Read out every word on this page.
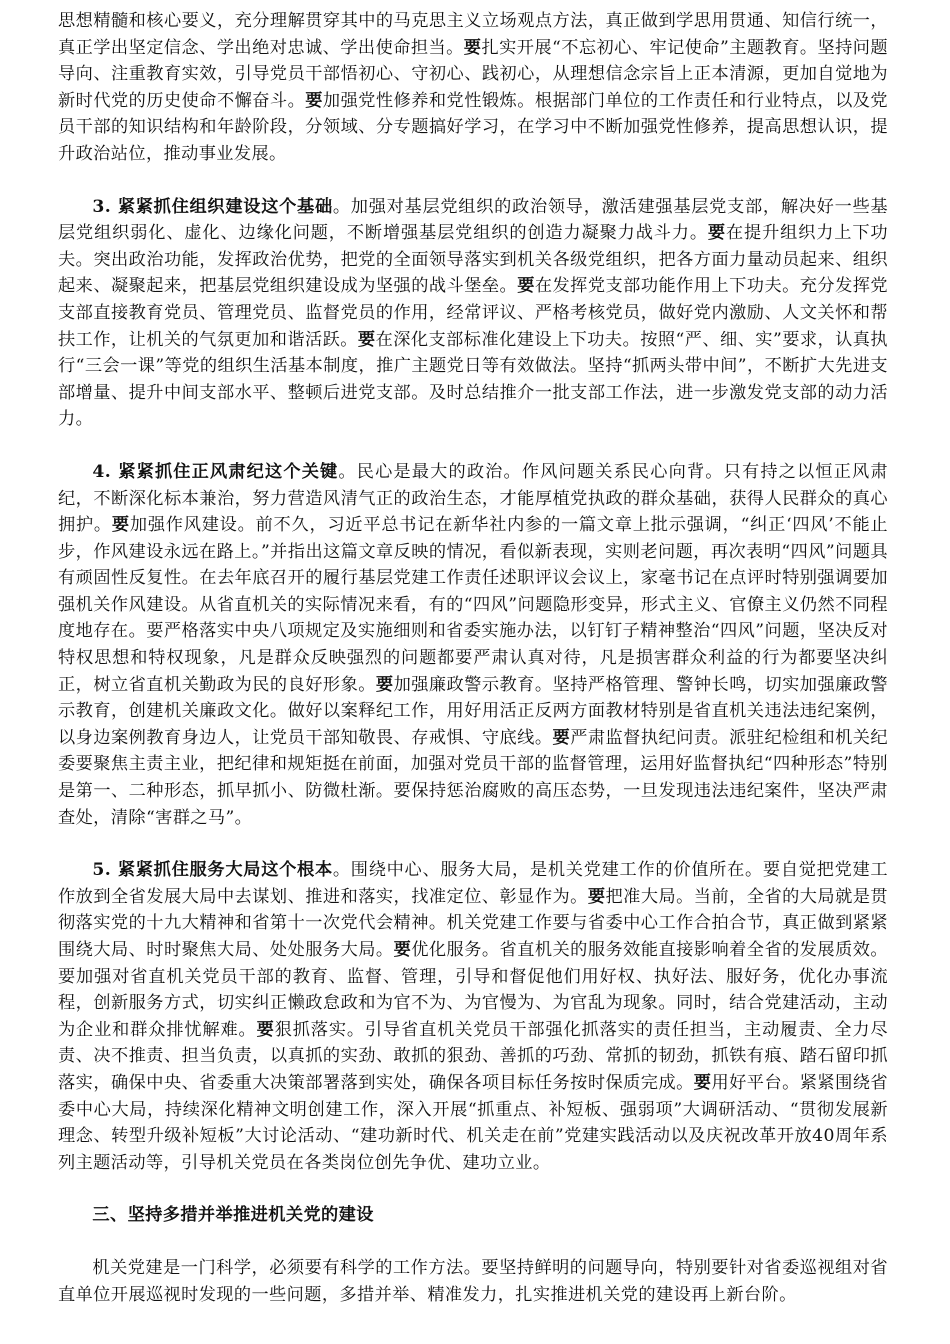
思想精髓和核心要义，充分理解贯穿其中的马克思主义立场观点方法，真正做到学思用贯通、知信行统一，真正学出坚定信念、学出绝对忠诚、学出使命担当。要扎实开展“不忘初心、牢记使命”主题教育。坚持问题导向、注重教育实效，引导党员干部悟初心、守初心、践初心，从理想信念宗旨上正本清源，更加自觉地为新时代党的历史使命不懈奋斗。要加强党性修养和党性锻炼。根据部门单位的工作责任和行业特点，以及党员干部的知识结构和年龄阶段，分领域、分专题搞好学习，在学习中不断加强党性修养，提高思想认识，提升政治站位，推动事业发展。

3. 紧紧抓住组织建设这个基础。加强对基层党组织的政治领导，激活建强基层党支部，解决好一些基层党组织弱化、虚化、边缘化问题，不断增强基层党组织的创造力凝聚力战斗力。要在提升组织力上下功夫。突出政治功能，发挥政治优势，把党的全面领导落实到机关各级党组织，把各方面力量动员起来、组织起来、凝聚起来，把基层党组织建设成为坚强的战斗堡垒。要在发挥党支部功能作用上下功夫。充分发挥党支部直接教育党员、管理党员、监督党员的作用，经常评议、严格考核党员，做好党内激励、人文关怀和帮扶工作，让机关的气氛更加和谐活跃。要在深化支部标准化建设上下功夫。按照“严、细、实”要求，认真执行“三会一课”等党的组织生活基本制度，推广主题党日等有效做法。坚持“抓两头带中间”，不断扩大先进支部增量、提升中间支部水平、整顿后进党支部。及时总结推介一批支部工作法，进一步激发党支部的动力活力。

4. 紧紧抓住正风肃纪这个关键。民心是最大的政治。作风问题关系民心向背。只有持之以恒正风肃纪，不断深化标本兼治，努力营造风清气正的政治生态，才能厚植党执政的群众基础，获得人民群众的真心拥护。要加强作风建设。前不久，习近平总书记在新华社内参的一篇文章上批示强调，“纠正‘四风’不能止步，作风建设永远在路上。”并指出这篇文章反映的情况，看似新表现，实则老问题，再次表明“四风”问题具有顽固性反复性。在去年底召开的履行基层党建工作责任述职评议会议上，家毫书记在点评时特别强调要加强机关作风建设。从省直机关的实际情况来看，有的“四风”问题隐形变异，形式主义、官僚主义仍然不同程度地存在。要严格落实中央八项规定及实施细则和省委实施办法，以钉钉子精神整治“四风”问题，坚决反对特权思想和特权现象，凡是群众反映强烈的问题都要严肃认真对待，凡是损害群众利益的行为都要坚决纠正，树立省直机关勤政为民的良好形象。要加强廉政警示教育。坚持严格管理、警钟长鸣，切实加强廉政警示教育，创建机关廉政文化。做好以案释纪工作，用好用活正反两方面教材特别是省直机关违法违纪案例，以身边案例教育身边人，让党员干部知敬畏、存戒惧、守底线。要严肃监督执纪问责。派驻纪检组和机关纪委要聚焦主责主业，把纪律和规矩挺在前面，加强对党员干部的监督管理，运用好监督执纪“四种形态”特别是第一、二种形态，抓早抓小、防微杜渐。要保持惩治腐败的高压态势，一旦发现违法违纪案件，坚决严肃查处，清除“害群之马”。

5. 紧紧抓住服务大局这个根本。围绕中心、服务大局，是机关党建工作的价值所在。要自觉把党建工作放到全省发展大局中去谋划、推进和落实，找准定位、彰显作为。要把准大局。当前，全省的大局就是贯彻落实党的十九大精神和省第十一次党代会精神。机关党建工作要与省委中心工作合拍合节，真正做到紧紧围绕大局、时时聚焦大局、处处服务大局。要优化服务。省直机关的服务效能直接影响着全省的发展质效。要加强对省直机关党员干部的教育、监督、管理，引导和督促他们用好权、执好法、服好务，优化办事流程，创新服务方式，切实纠正懒政怠政和为官不为、为官慢为、为官乱为现象。同时，结合党建活动，主动为企业和群众排忧解难。要狠抓落实。引导省直机关党员干部强化抓落实的责任担当，主动履责、全力尽责、决不推责、担当负责，以真抓的实劲、敢抓的狠劲、善抓的巧劲、常抓的韧劲，抓铁有痕、踏石留印抓落实，确保中央、省委重大决策部署落到实处，确保各项目标任务按时保质完成。要用好平台。紧紧围绕省委中心大局，持续深化精神文明创建工作，深入开展“抓重点、补短板、强弱项”大调研活动、“贯彻发展新理念、转型升级补短板”大讨论活动、“建功新时代、机关走在前”党建实践活动以及庆祝改革开放40周年系列主题活动等，引导机关党员在各类岗位创先争优、建功立业。

三、坚持多措并举推进机关党的建设

机关党建是一门科学，必须要有科学的工作方法。要坚持鲜明的问题导向，特别要针对省委巡视组对省直单位开展巡视时发现的一些问题，多措并举、精准发力，扎实推进机关党的建设再上新台阶。
